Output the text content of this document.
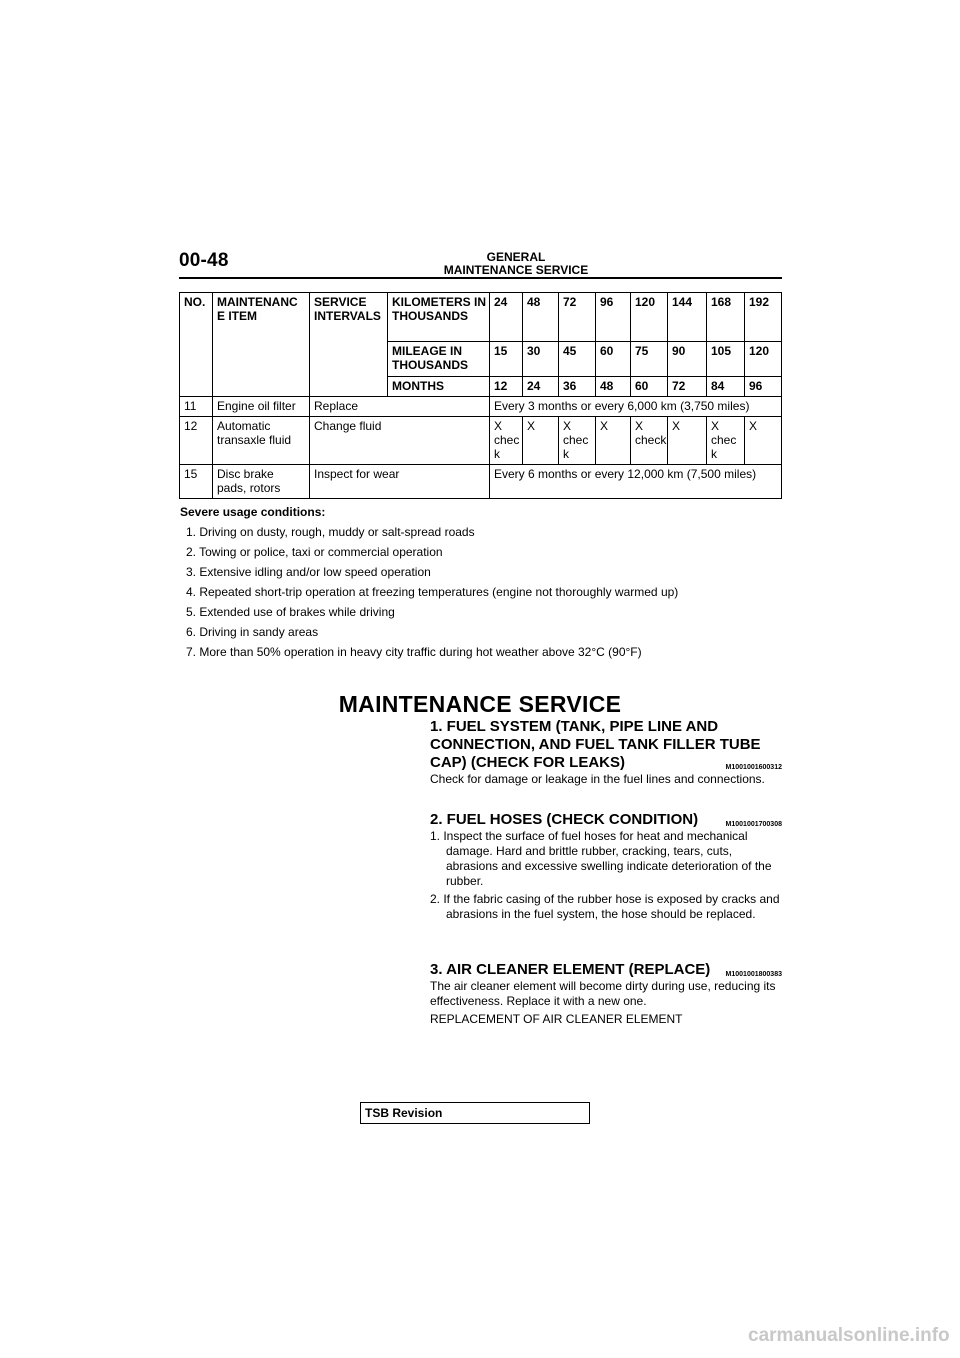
00-48	GENERAL
MAINTENANCE SERVICE
NO.	MAINTENANC E ITEM	SERVICE INTERVALS	KILOMETERS IN THOUSANDS	24	48	72	96	120	144	168	192
			MILEAGE IN THOUSANDS	15	30	45	60	75	90	105	120
			MONTHS	12	24	36	48	60	72	84	96
11	Engine oil filter	Replace		Every 3 months or every 6,000 km (3,750 miles)							
12	Automatic transaxle fluid	Change fluid		X chec k	X	X chec k	X	X check	X	X chec k	X
15	Disc brake pads, rotors	Inspect for wear		Every 6 months or every 12,000 km (7,500 miles)							
Severe usage conditions:
1. Driving on dusty, rough, muddy or salt-spread roads
2. Towing or police, taxi or commercial operation
3. Extensive idling and/or low speed operation
4. Repeated short-trip operation at freezing temperatures (engine not thoroughly warmed up)
5. Extended use of brakes while driving
6. Driving in sandy areas
7. More than 50% operation in heavy city traffic during hot weather above 32°C (90°F)
MAINTENANCE SERVICE
1. FUEL SYSTEM (TANK, PIPE LINE AND CONNECTION, AND FUEL TANK FILLER TUBE CAP) (CHECK FOR LEAKS)	M1001001600312
Check for damage or leakage in the fuel lines and connections.
2. FUEL HOSES (CHECK CONDITION)	M1001001700308
1. Inspect the surface of fuel hoses for heat and mechanical damage. Hard and brittle rubber, cracking, tears, cuts, abrasions and excessive swelling indicate deterioration of the rubber.
2. If the fabric casing of the rubber hose is exposed by cracks and abrasions in the fuel system, the hose should be replaced.
3. AIR CLEANER ELEMENT (REPLACE) M1001001800383
The air cleaner element will become dirty during use, reducing its effectiveness. Replace it with a new one.
REPLACEMENT OF AIR CLEANER ELEMENT
TSB Revision
carmanualsonline.info
